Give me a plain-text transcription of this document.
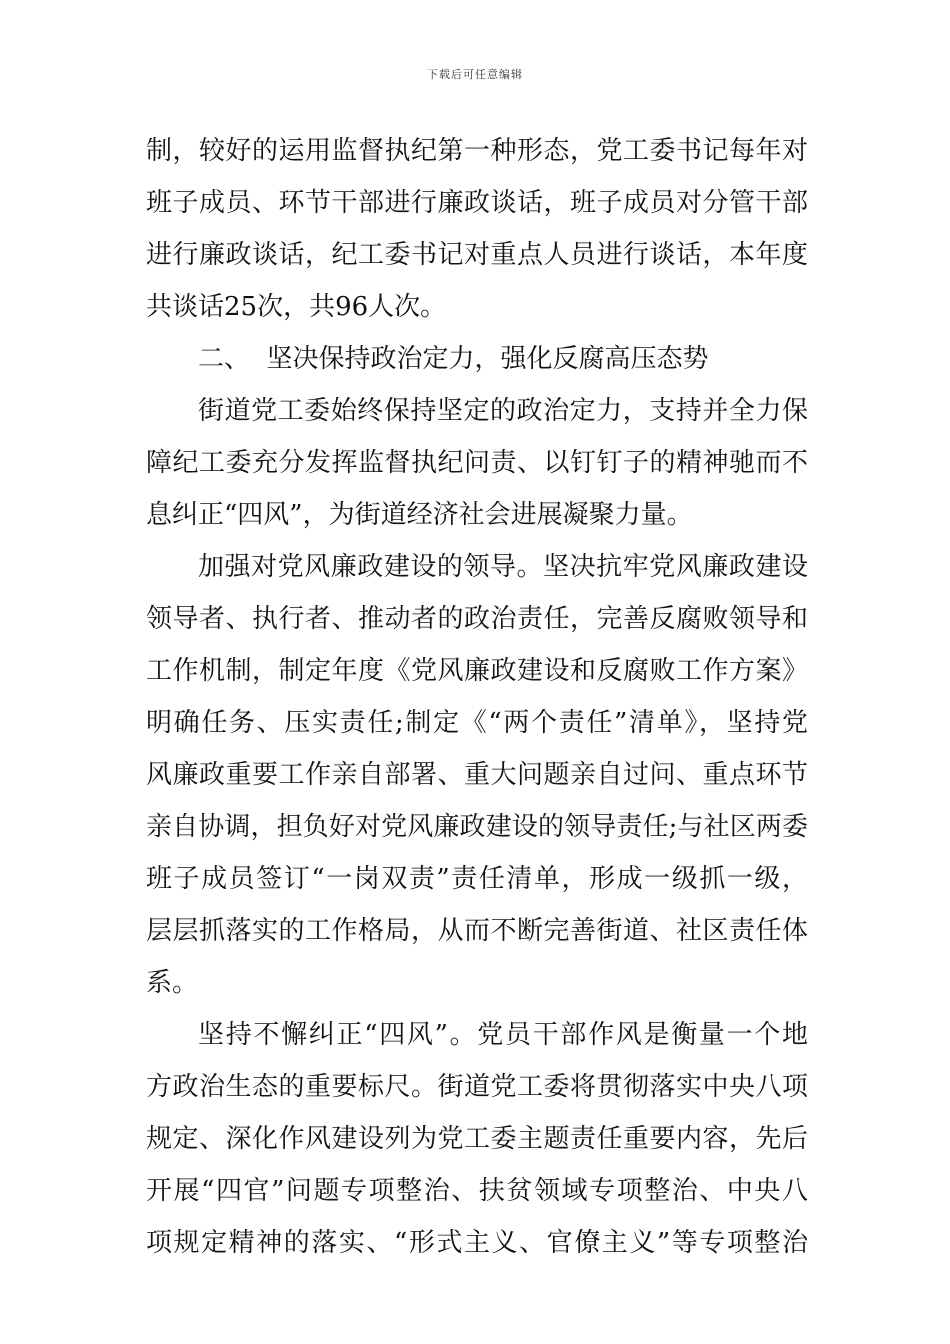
下载后可任意编辑
制，较好的运用监督执纪第一种形态，党工委书记每年对
班子成员、环节干部进行廉政谈话，班子成员对分管干部
进行廉政谈话，纪工委书记对重点人员进行谈话，本年度
共谈话25次，共96人次。
二、  坚决保持政治定力，强化反腐高压态势
街道党工委始终保持坚定的政治定力，支持并全力保
障纪工委充分发挥监督执纪问责、以钉钉子的精神驰而不
息纠正“四风”，为街道经济社会进展凝聚力量。
加强对党风廉政建设的领导。坚决抗牢党风廉政建设
领导者、执行者、推动者的政治责任，完善反腐败领导和
工作机制，制定年度《党风廉政建设和反腐败工作方案》
明确任务、压实责任;制定《“两个责任”清单》，坚持党
风廉政重要工作亲自部署、重大问题亲自过问、重点环节
亲自协调，担负好对党风廉政建设的领导责任;与社区两委
班子成员签订“一岗双责”责任清单，形成一级抓一级，
层层抓落实的工作格局，从而不断完善街道、社区责任体
系。
坚持不懈纠正“四风”。党员干部作风是衡量一个地
方政治生态的重要标尺。街道党工委将贯彻落实中央八项
规定、深化作风建设列为党工委主题责任重要内容，先后
开展“四官”问题专项整治、扶贫领域专项整治、中央八
项规定精神的落实、“形式主义、官僚主义”等专项整治
